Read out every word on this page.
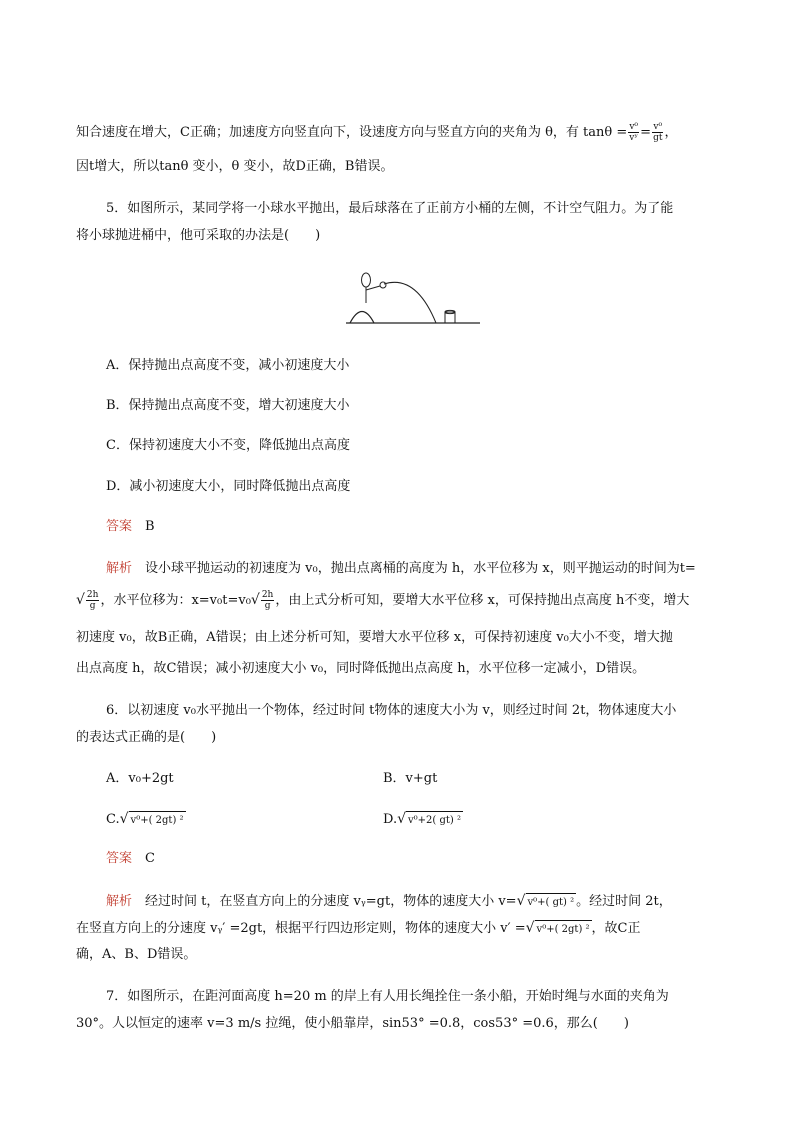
知合速度在增大，C正确；加速度方向竖直向下，设速度方向与竖直方向的夹角为 θ，有 $\tan\theta = \frac{\text{v⁰}}{\text{vʸ}} = \frac{\text{v⁰}}{gt}$ ，
因t增大，所以tanθ 变小，θ 变小，故D正确，B错误。
5．如图所示，某同学将一小球水平抛出，最后球落在了正前方小桶的左侧，不计空气阻力。为了能
将小球抛进桶中，他可采取的办法是(　　)
A．保持抛出点高度不变，减小初速度大小
B．保持抛出点高度不变，增大初速度大小
C．保持初速度大小不变，降低抛出点高度
D．减小初速度大小，同时降低抛出点高度
答案　 B
解析　 设小球平抛运动的初速度为 v₀，抛出点离桶的高度为 h，水平位移为 x，则平抛运动的时间为t=
√ $\frac{2h}{g}$ ，水平位移为：$x=v_0t=v_0√ \frac{2h}{g}$ ，由上式分析可知，要增大水平位移 x，可保持抛出点高度 h不变，增大
初速度 v₀，故B正确，A错误；由上述分析可知，要增大水平位移 x，可保持初速度 v₀大小不变，增大抛
出点高度 h，故C错误；减小初速度大小 v₀，同时降低抛出点高度 h，水平位移一定减小，D错误。
6．以初速度 v₀水平抛出一个物体，经过时间 t物体的速度大小为 v，则经过时间 2t，物体速度大小
的表达式正确的是(　　)
A．v₀+2gt	B．v+gt
C.√ v⁰+( 2gt) ²	D.√ v⁰+2( gt) ²
答案　 C
解析　 经过时间 t，在竖直方向上的分速度 vᵧ=gt，物体的速度大小 v=√ v⁰+( gt) ² 。经过时间 2t，
在竖直方向上的分速度 vᵧ′ =2gt，根据平行四边形定则，物体的速度大小 v′ =√ v⁰+( 2gt) ² ，故C正
确，A、B、D错误。
7．如图所示，在距河面高度 h=20 m 的岸上有人用长绳拴住一条小船，开始时绳与水面的夹角为
30°。人以恒定的速率 v=3 m/s 拉绳，使小船靠岸，sin53° =0.8，cos53° =0.6，那么(　　)
